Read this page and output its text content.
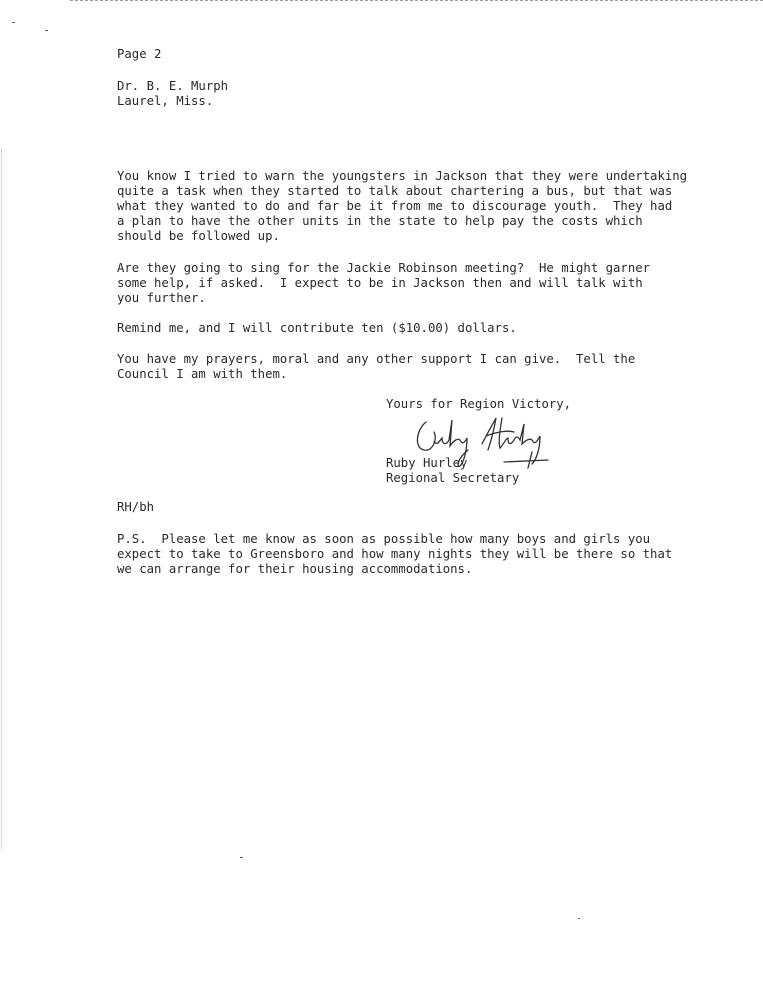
Page 2
Dr. B. E. Murph
Laurel, Miss.
You know I tried to warn the youngsters in Jackson that they were undertaking
quite a task when they started to talk about chartering a bus, but that was
what they wanted to do and far be it from me to discourage youth.  They had
a plan to have the other units in the state to help pay the costs which
should be followed up.
Are they going to sing for the Jackie Robinson meeting?  He might garner
some help, if asked.  I expect to be in Jackson then and will talk with
you further.
Remind me, and I will contribute ten ($10.00) dollars.
You have my prayers, moral and any other support I can give.  Tell the
Council I am with them.
Yours for Region Victory,
Ruby Hurley
Regional Secretary
RH/bh
P.S.  Please let me know as soon as possible how many boys and girls you
expect to take to Greensboro and how many nights they will be there so that
we can arrange for their housing accommodations.
